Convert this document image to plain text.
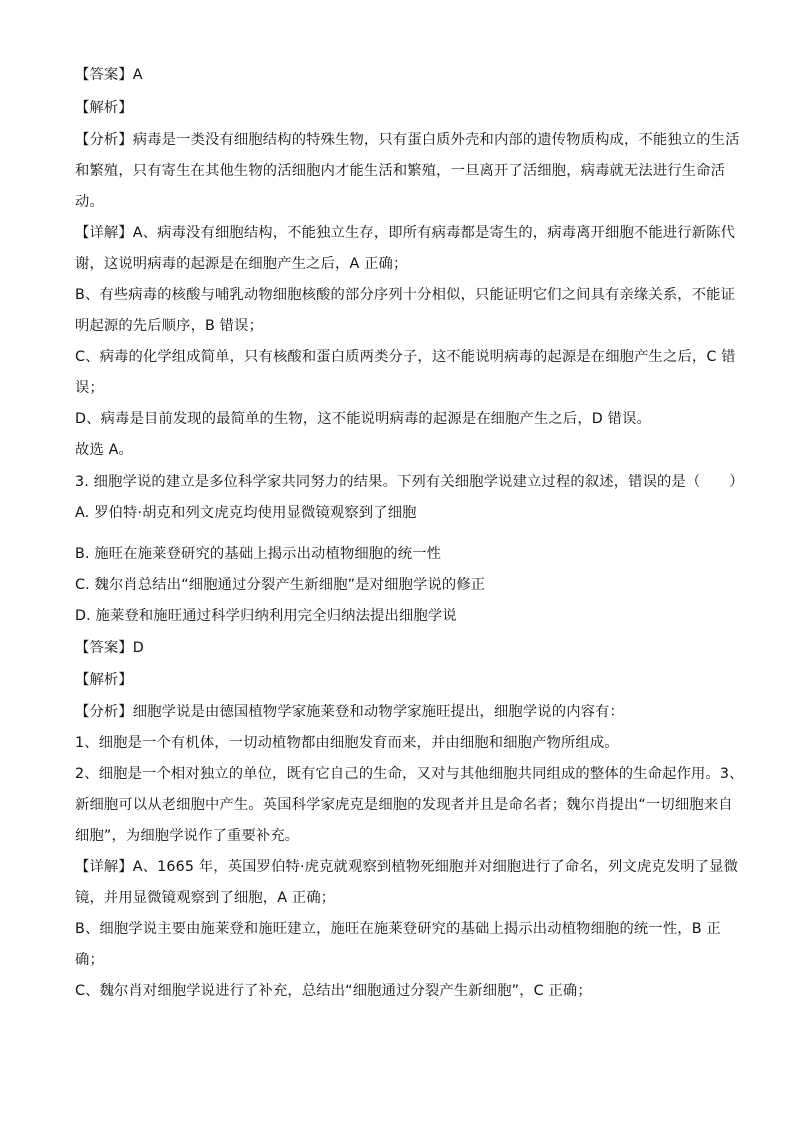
【答案】A
【解析】
【分析】病毒是一类没有细胞结构的特殊生物，只有蛋白质外壳和内部的遗传物质构成，不能独立的生活
和繁殖，只有寄生在其他生物的活细胞内才能生活和繁殖，一旦离开了活细胞，病毒就无法进行生命活
动。
【详解】A、病毒没有细胞结构，不能独立生存，即所有病毒都是寄生的，病毒离开细胞不能进行新陈代
谢，这说明病毒的起源是在细胞产生之后，A 正确；
B、有些病毒的核酸与哺乳动物细胞核酸的部分序列十分相似，只能证明它们之间具有亲缘关系，不能证
明起源的先后顺序，B 错误；
C、病毒的化学组成简单，只有核酸和蛋白质两类分子，这不能说明病毒的起源是在细胞产生之后，C 错
误；
D、病毒是目前发现的最简单的生物，这不能说明病毒的起源是在细胞产生之后，D 错误。
故选 A。
3. 细胞学说的建立是多位科学家共同努力的结果。下列有关细胞学说建立过程的叙述，错误的是（　　）
A. 罗伯特·胡克和列文虎克均使用显微镜观察到了细胞
B. 施旺在施莱登研究的基础上揭示出动植物细胞的统一性
C. 魏尔肖总结出“细胞通过分裂产生新细胞”是对细胞学说的修正
D. 施莱登和施旺通过科学归纳利用完全归纳法提出细胞学说
【答案】D
【解析】
【分析】细胞学说是由德国植物学家施莱登和动物学家施旺提出，细胞学说的内容有：
1、细胞是一个有机体，一切动植物都由细胞发育而来，并由细胞和细胞产物所组成。
2、细胞是一个相对独立的单位，既有它自己的生命，又对与其他细胞共同组成的整体的生命起作用。3、
新细胞可以从老细胞中产生。英国科学家虎克是细胞的发现者并且是命名者；魏尔肖提出“一切细胞来自
细胞”，为细胞学说作了重要补充。
【详解】A、1665 年，英国罗伯特·虎克就观察到植物死细胞并对细胞进行了命名，列文虎克发明了显微
镜，并用显微镜观察到了细胞，A 正确；
B、细胞学说主要由施莱登和施旺建立，施旺在施莱登研究的基础上揭示出动植物细胞的统一性，B 正
确；
C、魏尔肖对细胞学说进行了补充，总结出“细胞通过分裂产生新细胞”，C 正确；
